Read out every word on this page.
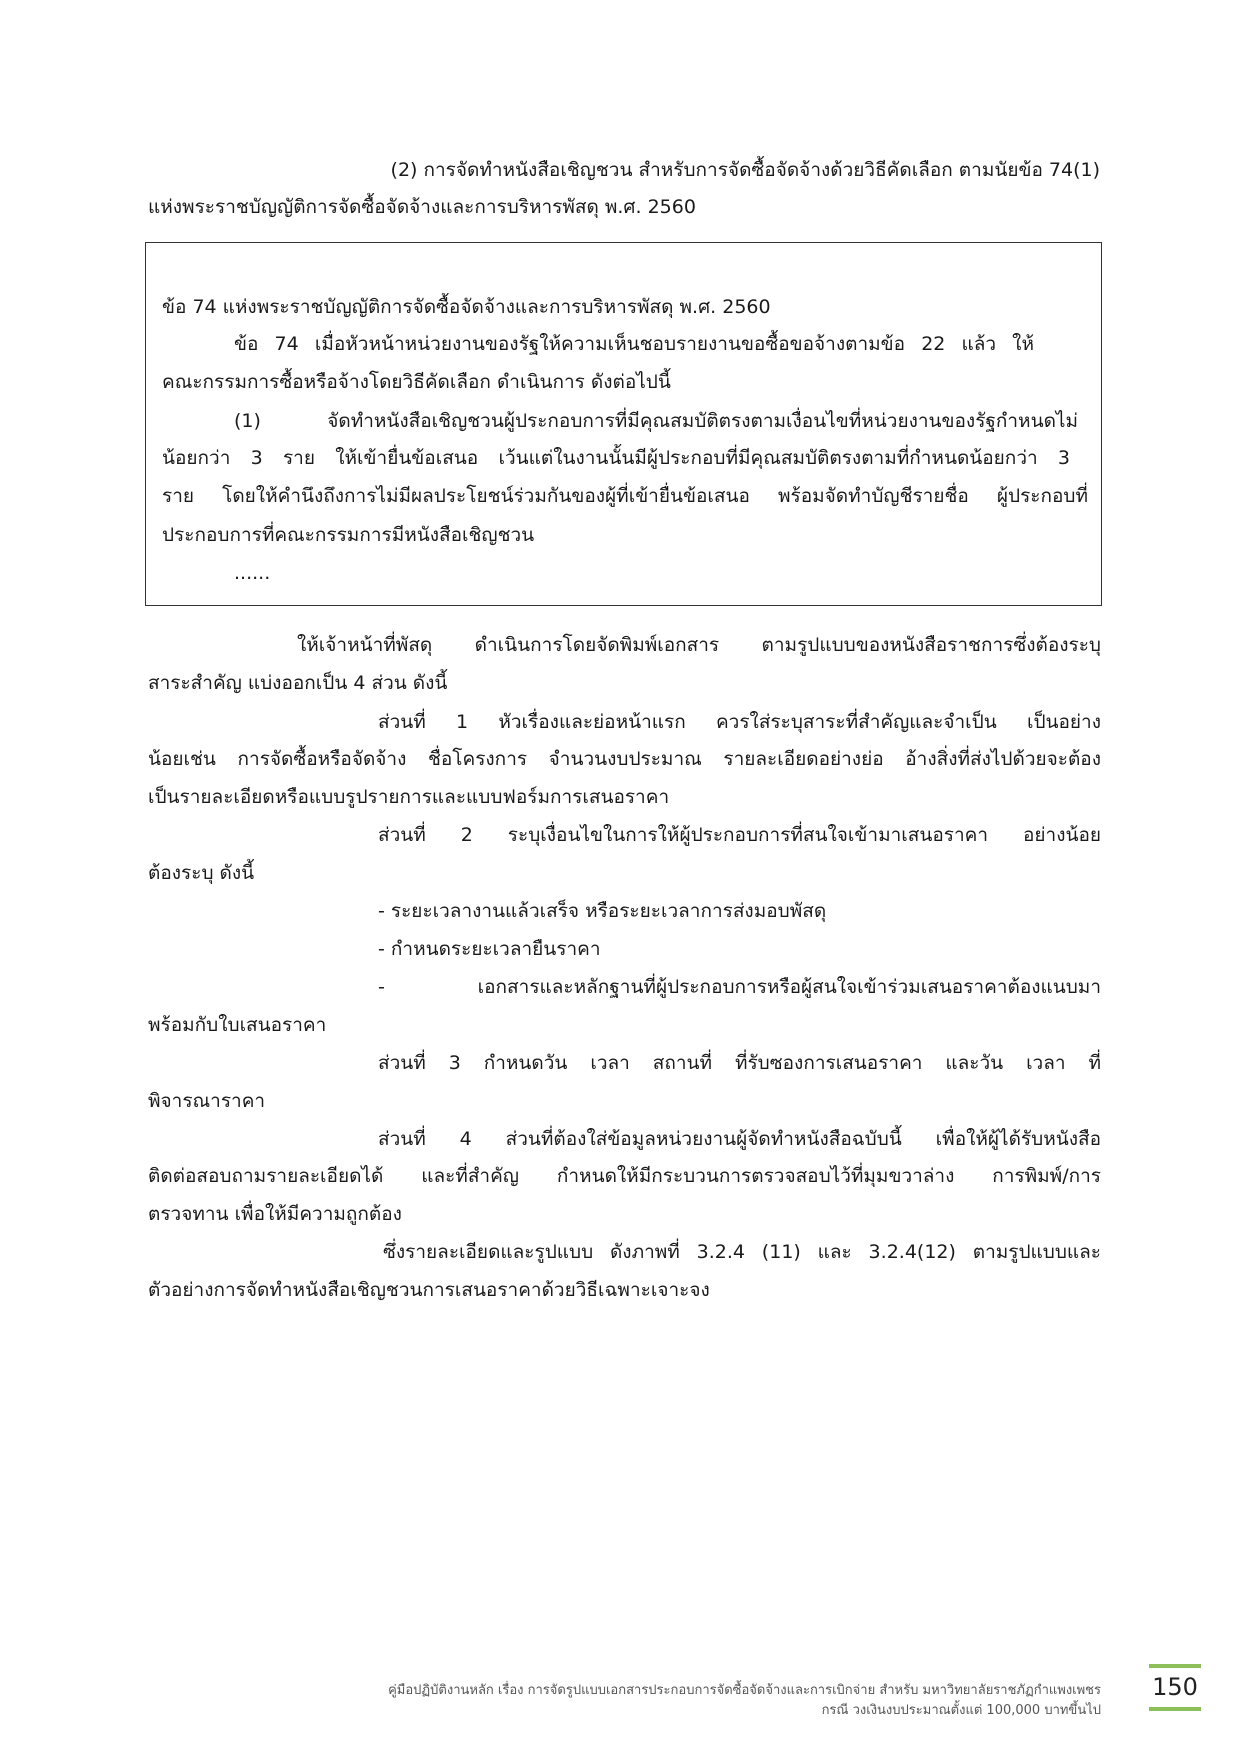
(2) การจัดทำหนังสือเชิญชวน สำหรับการจัดซื้อจัดจ้างด้วยวิธีคัดเลือก ตามนัยข้อ 74(1)
แห่งพระราชบัญญัติการจัดซื้อจัดจ้างและการบริหารพัสดุ พ.ศ. 2560
ข้อ 74 แห่งพระราชบัญญัติการจัดซื้อจัดจ้างและการบริหารพัสดุ พ.ศ. 2560
ข้อ 74 เมื่อหัวหน้าหน่วยงานของรัฐให้ความเห็นชอบรายงานขอซื้อขอจ้างตามข้อ 22 แล้ว ให้
คณะกรรมการซื้อหรือจ้างโดยวิธีคัดเลือก ดำเนินการ ดังต่อไปนี้
(1) จัดทำหนังสือเชิญชวนผู้ประกอบการที่มีคุณสมบัติตรงตามเงื่อนไขที่หน่วยงานของรัฐกำหนดไม่
น้อยกว่า 3 ราย ให้เข้ายื่นข้อเสนอ เว้นแต่ในงานนั้นมีผู้ประกอบที่มีคุณสมบัติตรงตามที่กำหนดน้อยกว่า 3
ราย โดยให้คำนึงถึงการไม่มีผลประโยชน์ร่วมกันของผู้ที่เข้ายื่นข้อเสนอ พร้อมจัดทำบัญชีรายชื่อ ผู้ประกอบที่
ประกอบการที่คณะกรรมการมีหนังสือเชิญชวน
......
ให้เจ้าหน้าที่พัสดุ ดำเนินการโดยจัดพิมพ์เอกสาร ตามรูปแบบของหนังสือราชการซึ่งต้องระบุ
สาระสำคัญ แบ่งออกเป็น 4 ส่วน ดังนี้
ส่วนที่ 1 หัวเรื่องและย่อหน้าแรก ควรใส่ระบุสาระที่สำคัญและจำเป็น เป็นอย่าง
น้อยเช่น การจัดซื้อหรือจัดจ้าง ชื่อโครงการ จำนวนงบประมาณ รายละเอียดอย่างย่อ อ้างสิ่งที่ส่งไปด้วยจะต้อง
เป็นรายละเอียดหรือแบบรูปรายการและแบบฟอร์มการเสนอราคา
ส่วนที่ 2 ระบุเงื่อนไขในการให้ผู้ประกอบการที่สนใจเข้ามาเสนอราคา อย่างน้อย
ต้องระบุ ดังนี้
- ระยะเวลางานแล้วเสร็จ หรือระยะเวลาการส่งมอบพัสดุ
- กำหนดระยะเวลายืนราคา
- เอกสารและหลักฐานที่ผู้ประกอบการหรือผู้สนใจเข้าร่วมเสนอราคาต้องแนบมา
พร้อมกับใบเสนอราคา
ส่วนที่ 3 กำหนดวัน เวลา สถานที่ ที่รับซองการเสนอราคา และวัน เวลา ที่
พิจารณาราคา
ส่วนที่ 4 ส่วนที่ต้องใส่ข้อมูลหน่วยงานผู้จัดทำหนังสือฉบับนี้ เพื่อให้ผู้ได้รับหนังสือ
ติดต่อสอบถามรายละเอียดได้ และที่สำคัญ กำหนดให้มีกระบวนการตรวจสอบไว้ที่มุมขวาล่าง การพิมพ์/การ
ตรวจทาน เพื่อให้มีความถูกต้อง
ซึ่งรายละเอียดและรูปแบบ ดังภาพที่ 3.2.4 (11) และ 3.2.4(12) ตามรูปแบบและ
ตัวอย่างการจัดทำหนังสือเชิญชวนการเสนอราคาด้วยวิธีเฉพาะเจาะจง
คู่มือปฏิบัติงานหลัก เรื่อง การจัดรูปแบบเอกสารประกอบการจัดซื้อจัดจ้างและการเบิกจ่าย สำหรับ มหาวิทยาลัยราชภัฏกำแพงเพชร
กรณี วงเงินงบประมาณตั้งแต่ 100,000 บาทขึ้นไป
150
